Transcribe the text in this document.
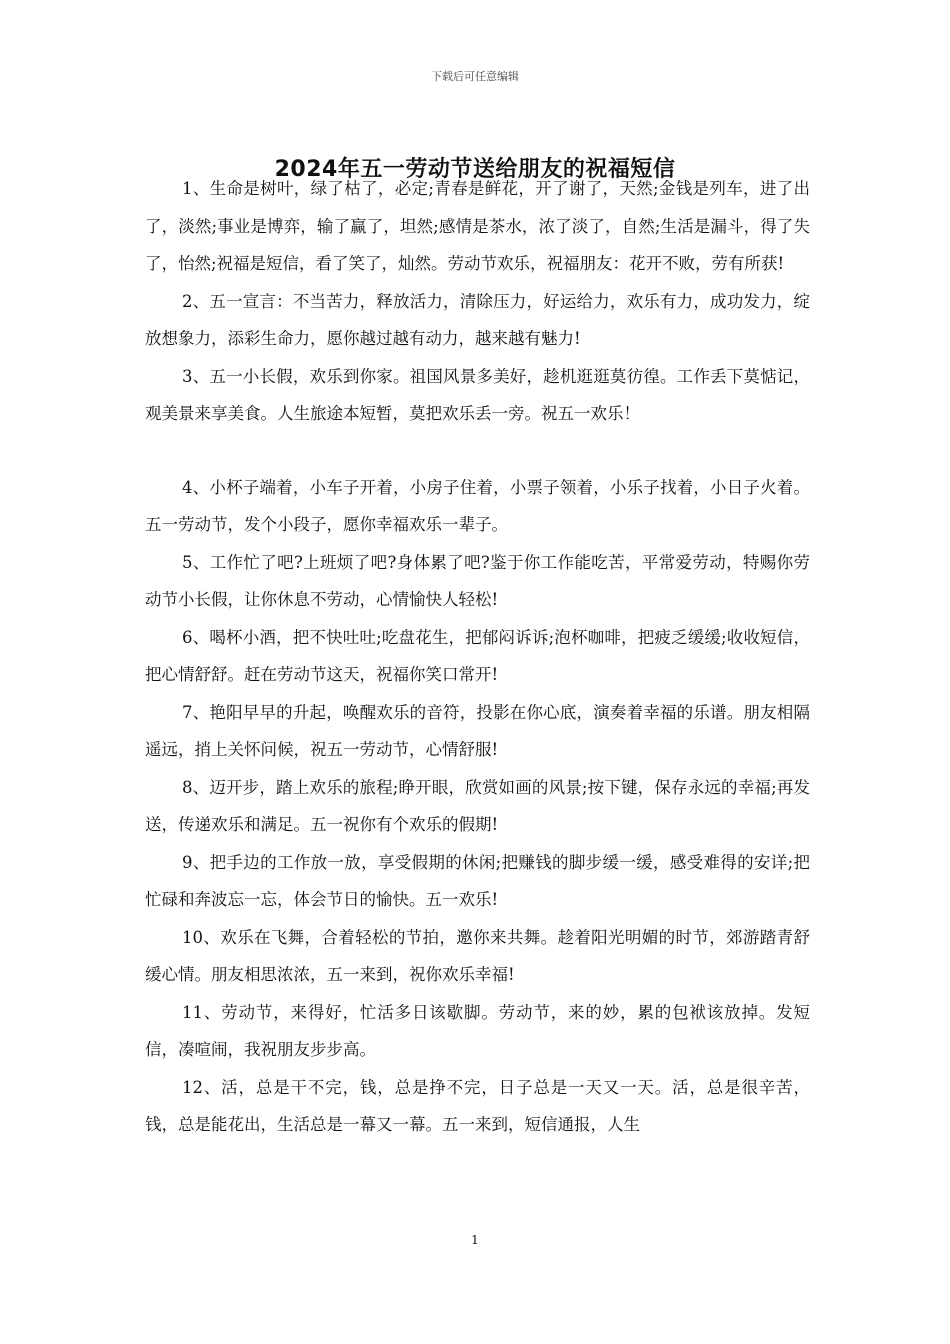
下载后可任意编辑
2024年五一劳动节送给朋友的祝福短信

1、生命是树叶，绿了枯了，必定;青春是鲜花，开了谢了，天然;金钱是列车，进了出了，淡然;事业是博弈，输了赢了，坦然;感情是茶水，浓了淡了，自然;生活是漏斗，得了失了，怡然;祝福是短信，看了笑了，灿然。劳动节欢乐，祝福朋友：花开不败，劳有所获!

2、五一宣言：不当苦力，释放活力，清除压力，好运给力，欢乐有力，成功发力，绽放想象力，添彩生命力，愿你越过越有动力，越来越有魅力!

3、五一小长假，欢乐到你家。祖国风景多美好，趁机逛逛莫彷徨。工作丢下莫惦记，观美景来享美食。人生旅途本短暂，莫把欢乐丢一旁。祝五一欢乐！

4、小杯子端着，小车子开着，小房子住着，小票子领着，小乐子找着，小日子火着。五一劳动节，发个小段子，愿你幸福欢乐一辈子。

5、工作忙了吧?上班烦了吧?身体累了吧?鉴于你工作能吃苦，平常爱劳动，特赐你劳动节小长假，让你休息不劳动，心情愉快人轻松!

6、喝杯小酒，把不快吐吐;吃盘花生，把郁闷诉诉;泡杯咖啡，把疲乏缓缓;收收短信，把心情舒舒。赶在劳动节这天，祝福你笑口常开!

7、艳阳早早的升起，唤醒欢乐的音符，投影在你心底，演奏着幸福的乐谱。朋友相隔遥远，捎上关怀问候，祝五一劳动节，心情舒服!

8、迈开步，踏上欢乐的旅程;睁开眼，欣赏如画的风景;按下键，保存永远的幸福;再发送，传递欢乐和满足。五一祝你有个欢乐的假期!

9、把手边的工作放一放，享受假期的休闲;把赚钱的脚步缓一缓，感受难得的安详;把忙碌和奔波忘一忘，体会节日的愉快。五一欢乐!

10、欢乐在飞舞，合着轻松的节拍，邀你来共舞。趁着阳光明媚的时节，郊游踏青舒缓心情。朋友相思浓浓，五一来到，祝你欢乐幸福!

11、劳动节，来得好，忙活多日该歇脚。劳动节，来的妙，累的包袱该放掉。发短信，凑喧闹，我祝朋友步步高。

12、活，总是干不完，钱，总是挣不完，日子总是一天又一天。活，总是很辛苦，钱，总是能花出，生活总是一幕又一幕。五一来到，短信通报，人生

1
